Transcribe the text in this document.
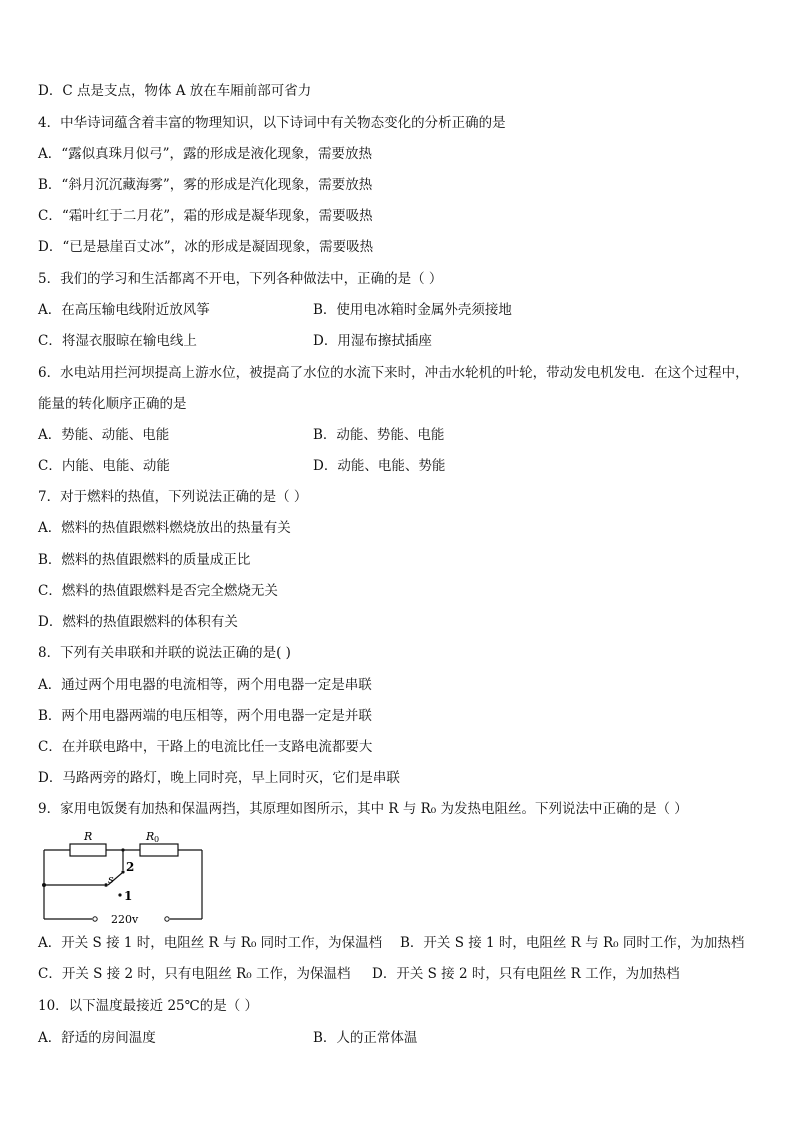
D．C 点是支点，物体 A 放在车厢前部可省力
4．中华诗词蕴含着丰富的物理知识，以下诗词中有关物态变化的分析正确的是
A．“露似真珠月似弓”，露的形成是液化现象，需要放热
B．“斜月沉沉藏海雾”，雾的形成是汽化现象，需要放热
C．“霜叶红于二月花”，霜的形成是凝华现象，需要吸热
D．“已是悬崖百丈冰”，冰的形成是凝固现象，需要吸热
5．我们的学习和生活都离不开电，下列各种做法中，正确的是（ ）
A．在高压输电线附近放风筝	B．使用电冰箱时金属外壳须接地
C．将湿衣服晾在输电线上	D．用湿布擦拭插座
6．水电站用拦河坝提高上游水位，被提高了水位的水流下来时，冲击水轮机的叶轮，带动发电机发电．在这个过程中，
能量的转化顺序正确的是
A．势能、动能、电能	B．动能、势能、电能
C．内能、电能、动能	D．动能、电能、势能
7．对于燃料的热值，下列说法正确的是（ ）
A．燃料的热值跟燃料燃烧放出的热量有关
B．燃料的热值跟燃料的质量成正比
C．燃料的热值跟燃料是否完全燃烧无关
D．燃料的热值跟燃料的体积有关
8．下列有关串联和并联的说法正确的是( )
A．通过两个用电器的电流相等，两个用电器一定是串联
B．两个用电器两端的电压相等，两个用电器一定是并联
C．在并联电路中，干路上的电流比任一支路电流都要大
D．马路两旁的路灯，晚上同时亮，早上同时灭，它们是串联
9．家用电饭煲有加热和保温两挡，其原理如图所示，其中 R 与 R₀ 为发热电阻丝。下列说法中正确的是（ ）
R	R 0
s
2
1
220v
A．开关 S 接 1 时，电阻丝 R 与 R₀ 同时工作，为保温档 B．开关 S 接 1 时，电阻丝 R 与 R₀ 同时工作，为加热档
C．开关 S 接 2 时，只有电阻丝 R₀ 工作，为保温档 D．开关 S 接 2 时，只有电阻丝 R 工作，为加热档
10．以下温度最接近 25℃的是（ ）
A．舒适的房间温度	B．人的正常体温
